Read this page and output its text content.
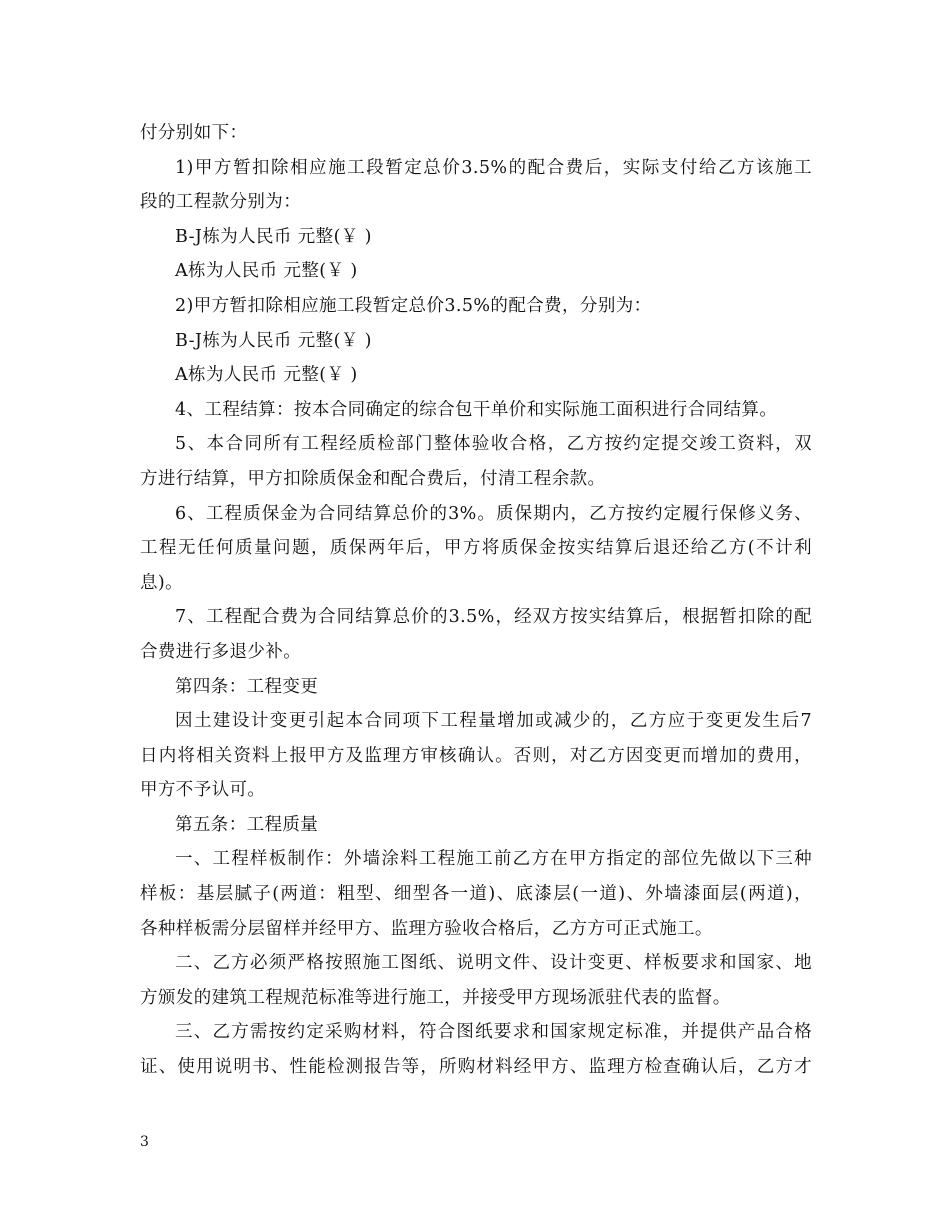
付分别如下：
1)甲方暂扣除相应施工段暂定总价3.5%的配合费后，实际支付给乙方该施工
段的工程款分别为：
B-J栋为人民币 元整(￥ )
A栋为人民币 元整(￥ )
2)甲方暂扣除相应施工段暂定总价3.5%的配合费，分别为：
B-J栋为人民币 元整(￥ )
A栋为人民币 元整(￥ )
4、工程结算：按本合同确定的综合包干单价和实际施工面积进行合同结算。
5、本合同所有工程经质检部门整体验收合格，乙方按约定提交竣工资料，双
方进行结算，甲方扣除质保金和配合费后，付清工程余款。
6、工程质保金为合同结算总价的3%。质保期内，乙方按约定履行保修义务、
工程无任何质量问题，质保两年后，甲方将质保金按实结算后退还给乙方(不计利
息)。
7、工程配合费为合同结算总价的3.5%，经双方按实结算后，根据暂扣除的配
合费进行多退少补。
第四条：工程变更
因土建设计变更引起本合同项下工程量增加或减少的，乙方应于变更发生后7
日内将相关资料上报甲方及监理方审核确认。否则，对乙方因变更而增加的费用，
甲方不予认可。
第五条：工程质量
一、工程样板制作：外墙涂料工程施工前乙方在甲方指定的部位先做以下三种
样板：基层腻子(两道：粗型、细型各一道)、底漆层(一道)、外墙漆面层(两道)，
各种样板需分层留样并经甲方、监理方验收合格后，乙方方可正式施工。
二、乙方必须严格按照施工图纸、说明文件、设计变更、样板要求和国家、地
方颁发的建筑工程规范标准等进行施工，并接受甲方现场派驻代表的监督。
三、乙方需按约定采购材料，符合图纸要求和国家规定标准，并提供产品合格
证、使用说明书、性能检测报告等，所购材料经甲方、监理方检查确认后，乙方才
3
